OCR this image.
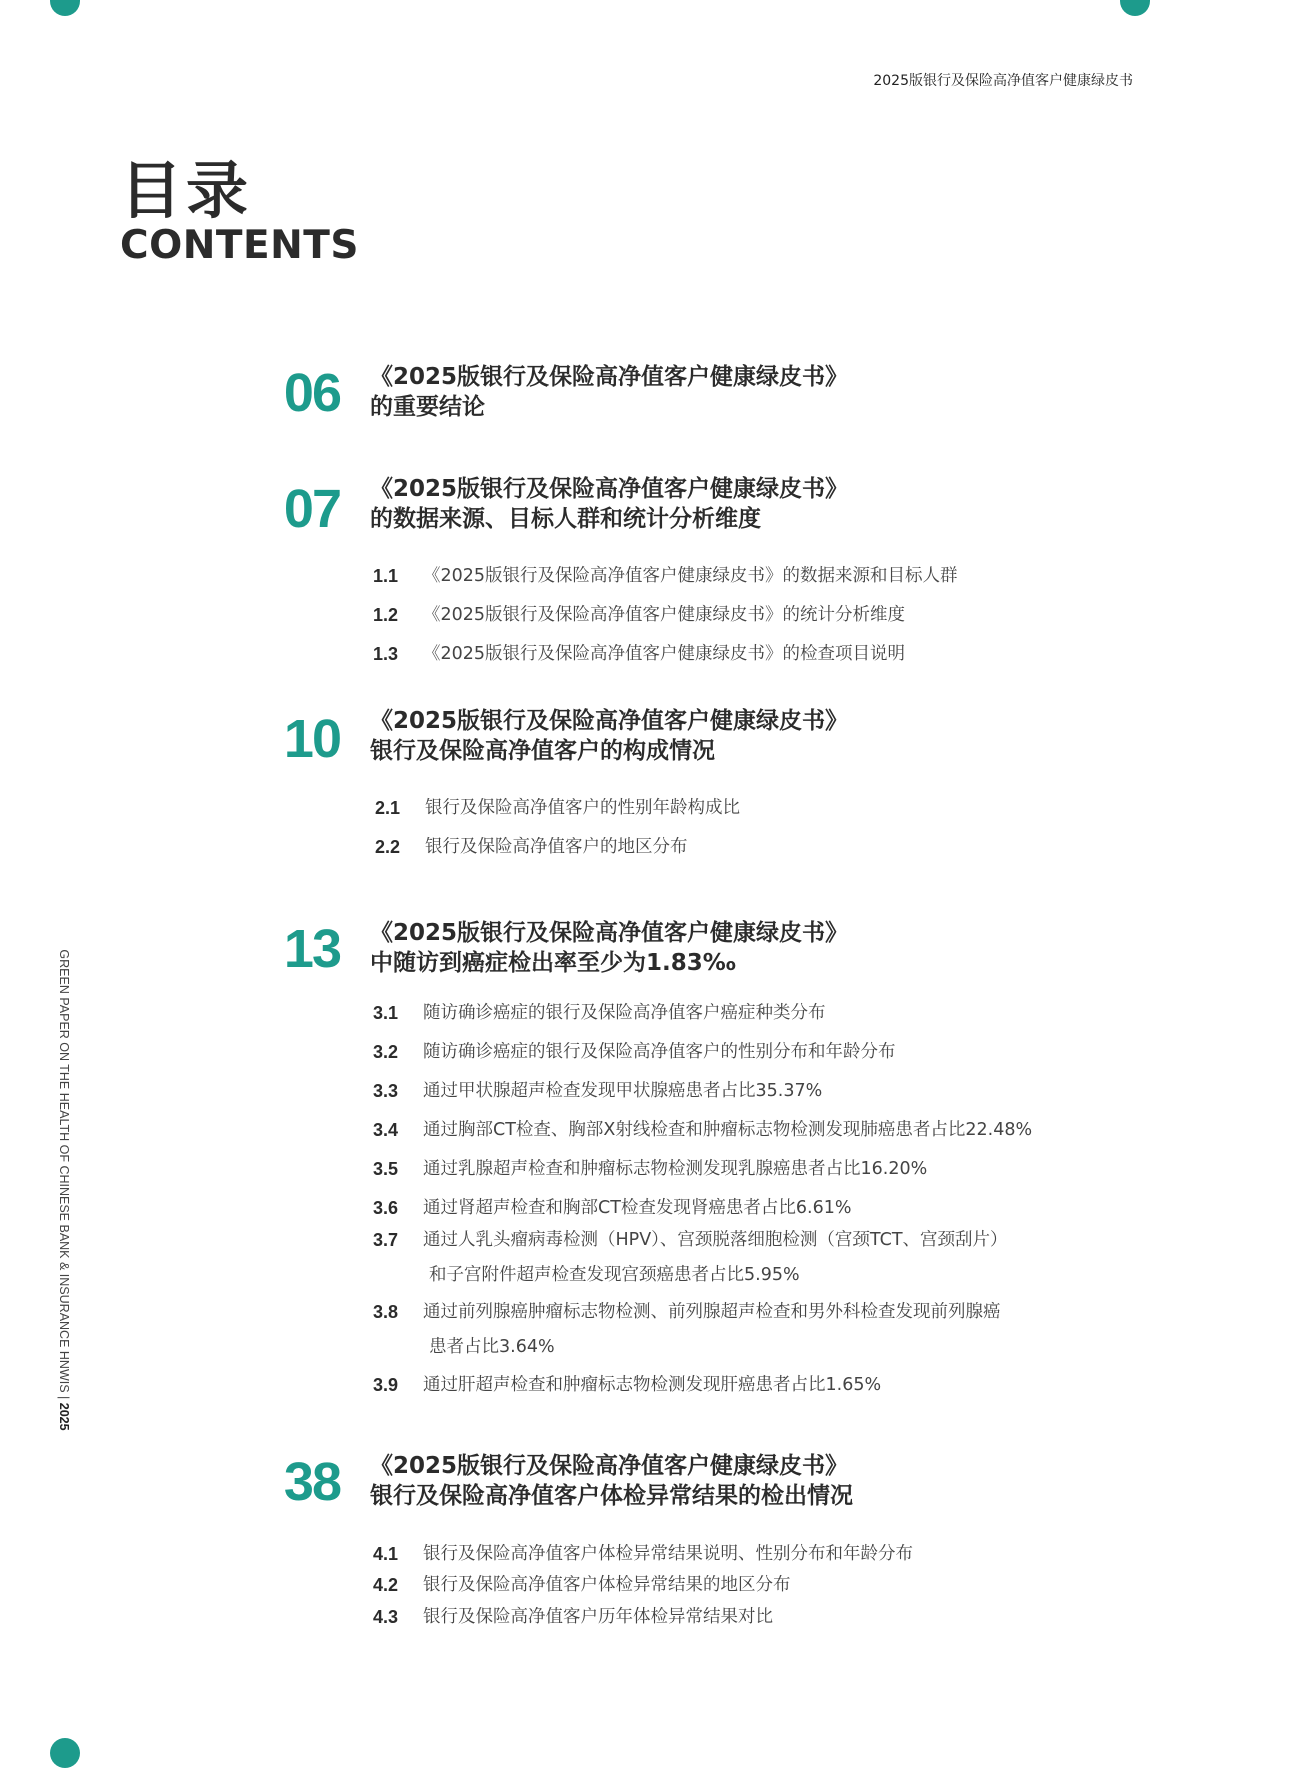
2025版银行及保险高净值客户健康绿皮书
目录
CONTENTS
GREEN PAPER ON THE HEALTH OF CHINESE BANK & INSURANCE HNWIS | 2025
06 《2025版银行及保险高净值客户健康绿皮书》
的重要结论
07 《2025版银行及保险高净值客户健康绿皮书》
的数据来源、目标人群和统计分析维度
1.1 《2025版银行及保险高净值客户健康绿皮书》的数据来源和目标人群
1.2 《2025版银行及保险高净值客户健康绿皮书》的统计分析维度
1.3 《2025版银行及保险高净值客户健康绿皮书》的检查项目说明
10 《2025版银行及保险高净值客户健康绿皮书》
银行及保险高净值客户的构成情况
2.1 银行及保险高净值客户的性别年龄构成比
2.2 银行及保险高净值客户的地区分布
13 《2025版银行及保险高净值客户健康绿皮书》
中随访到癌症检出率至少为1.83‰
3.1 随访确诊癌症的银行及保险高净值客户癌症种类分布
3.2 随访确诊癌症的银行及保险高净值客户的性别分布和年龄分布
3.3 通过甲状腺超声检查发现甲状腺癌患者占比35.37%
3.4 通过胸部CT检查、胸部X射线检查和肿瘤标志物检测发现肺癌患者占比22.48%
3.5 通过乳腺超声检查和肿瘤标志物检测发现乳腺癌患者占比16.20%
3.6 通过肾超声检查和胸部CT检查发现肾癌患者占比6.61%
3.7 通过人乳头瘤病毒检测（HPV）、宫颈脱落细胞检测（宫颈TCT、宫颈刮片）
和子宫附件超声检查发现宫颈癌患者占比5.95%
3.8 通过前列腺癌肿瘤标志物检测、前列腺超声检查和男外科检查发现前列腺癌
患者占比3.64%
3.9 通过肝超声检查和肿瘤标志物检测发现肝癌患者占比1.65%
38 《2025版银行及保险高净值客户健康绿皮书》
银行及保险高净值客户体检异常结果的检出情况
4.1 银行及保险高净值客户体检异常结果说明、性别分布和年龄分布
4.2 银行及保险高净值客户体检异常结果的地区分布
4.3 银行及保险高净值客户历年体检异常结果对比
